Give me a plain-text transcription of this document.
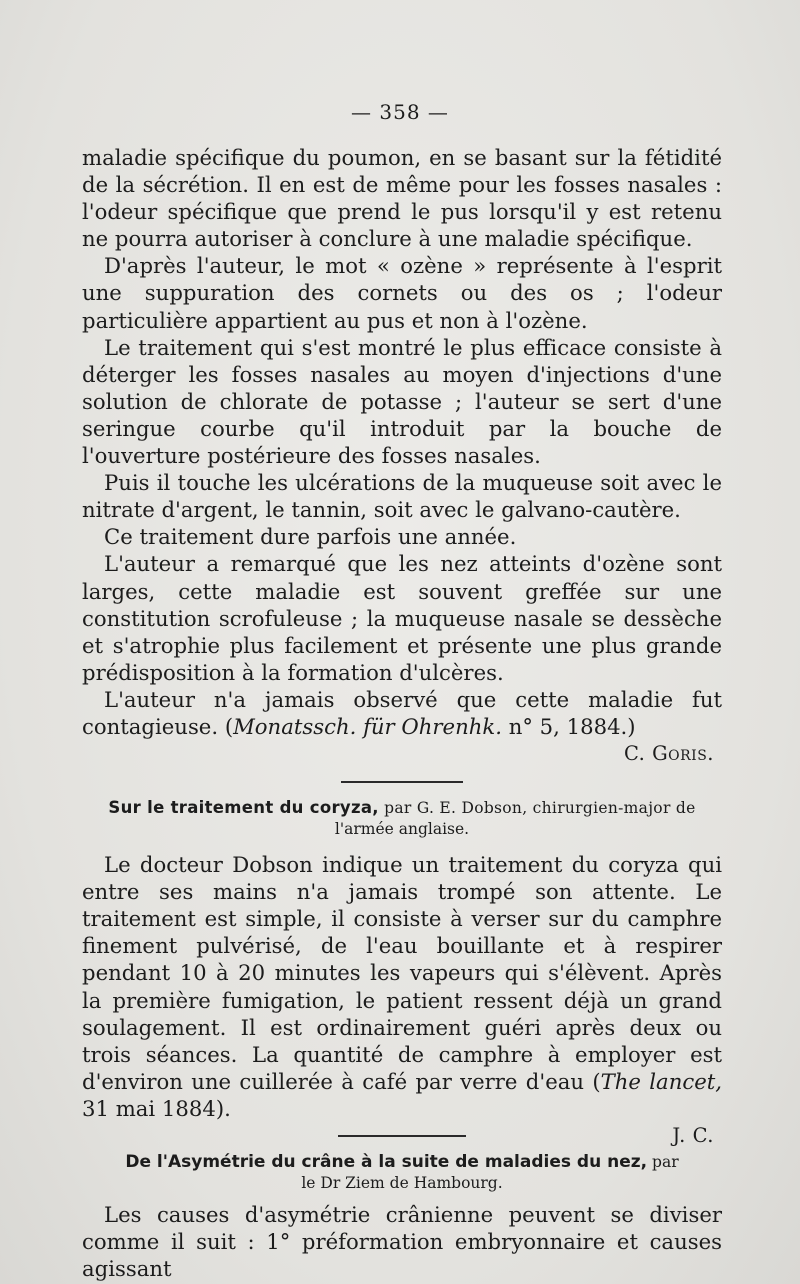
— 358 —

maladie spécifique du poumon, en se basant sur la fétidité de la sécrétion. Il en est de même pour les fosses nasales : l'odeur spécifique que prend le pus lorsqu'il y est retenu ne pourra autoriser à conclure à une maladie spécifique.

D'après l'auteur, le mot « ozène » représente à l'esprit une suppuration des cornets ou des os ; l'odeur particulière appartient au pus et non à l'ozène.

Le traitement qui s'est montré le plus efficace consiste à déterger les fosses nasales au moyen d'injections d'une solution de chlorate de potasse ; l'auteur se sert d'une seringue courbe qu'il introduit par la bouche de l'ouverture postérieure des fosses nasales.

Puis il touche les ulcérations de la muqueuse soit avec le nitrate d'argent, le tannin, soit avec le galvano-cautère.

Ce traitement dure parfois une année.

L'auteur a remarqué que les nez atteints d'ozène sont larges, cette maladie est souvent greffée sur une constitution scrofuleuse ; la muqueuse nasale se dessèche et s'atrophie plus facilement et présente une plus grande prédisposition à la formation d'ulcères.

L'auteur n'a jamais observé que cette maladie fut contagieuse. (Monatssch. für Ohrenhk. n° 5, 1884.)

C. Goris.
Sur le traitement du coryza, par G. E. Dobson, chirurgien-major de
l'armée anglaise.

Le docteur Dobson indique un traitement du coryza qui entre ses mains n'a jamais trompé son attente. Le traitement est simple, il consiste à verser sur du camphre finement pulvérisé, de l'eau bouillante et à respirer pendant 10 à 20 minutes les vapeurs qui s'élèvent. Après la première fumigation, le patient ressent déjà un grand soulagement. Il est ordinairement guéri après deux ou trois séances. La quantité de camphre à employer est d'environ une cuillerée à café par verre d'eau (The lancet, 31 mai 1884).

J. C.
De l'Asymétrie du crâne à la suite de maladies du nez, par
le Dr Ziem de Hambourg.

Les causes d'asymétrie crânienne peuvent se diviser comme il suit : 1° préformation embryonnaire et causes agissant
